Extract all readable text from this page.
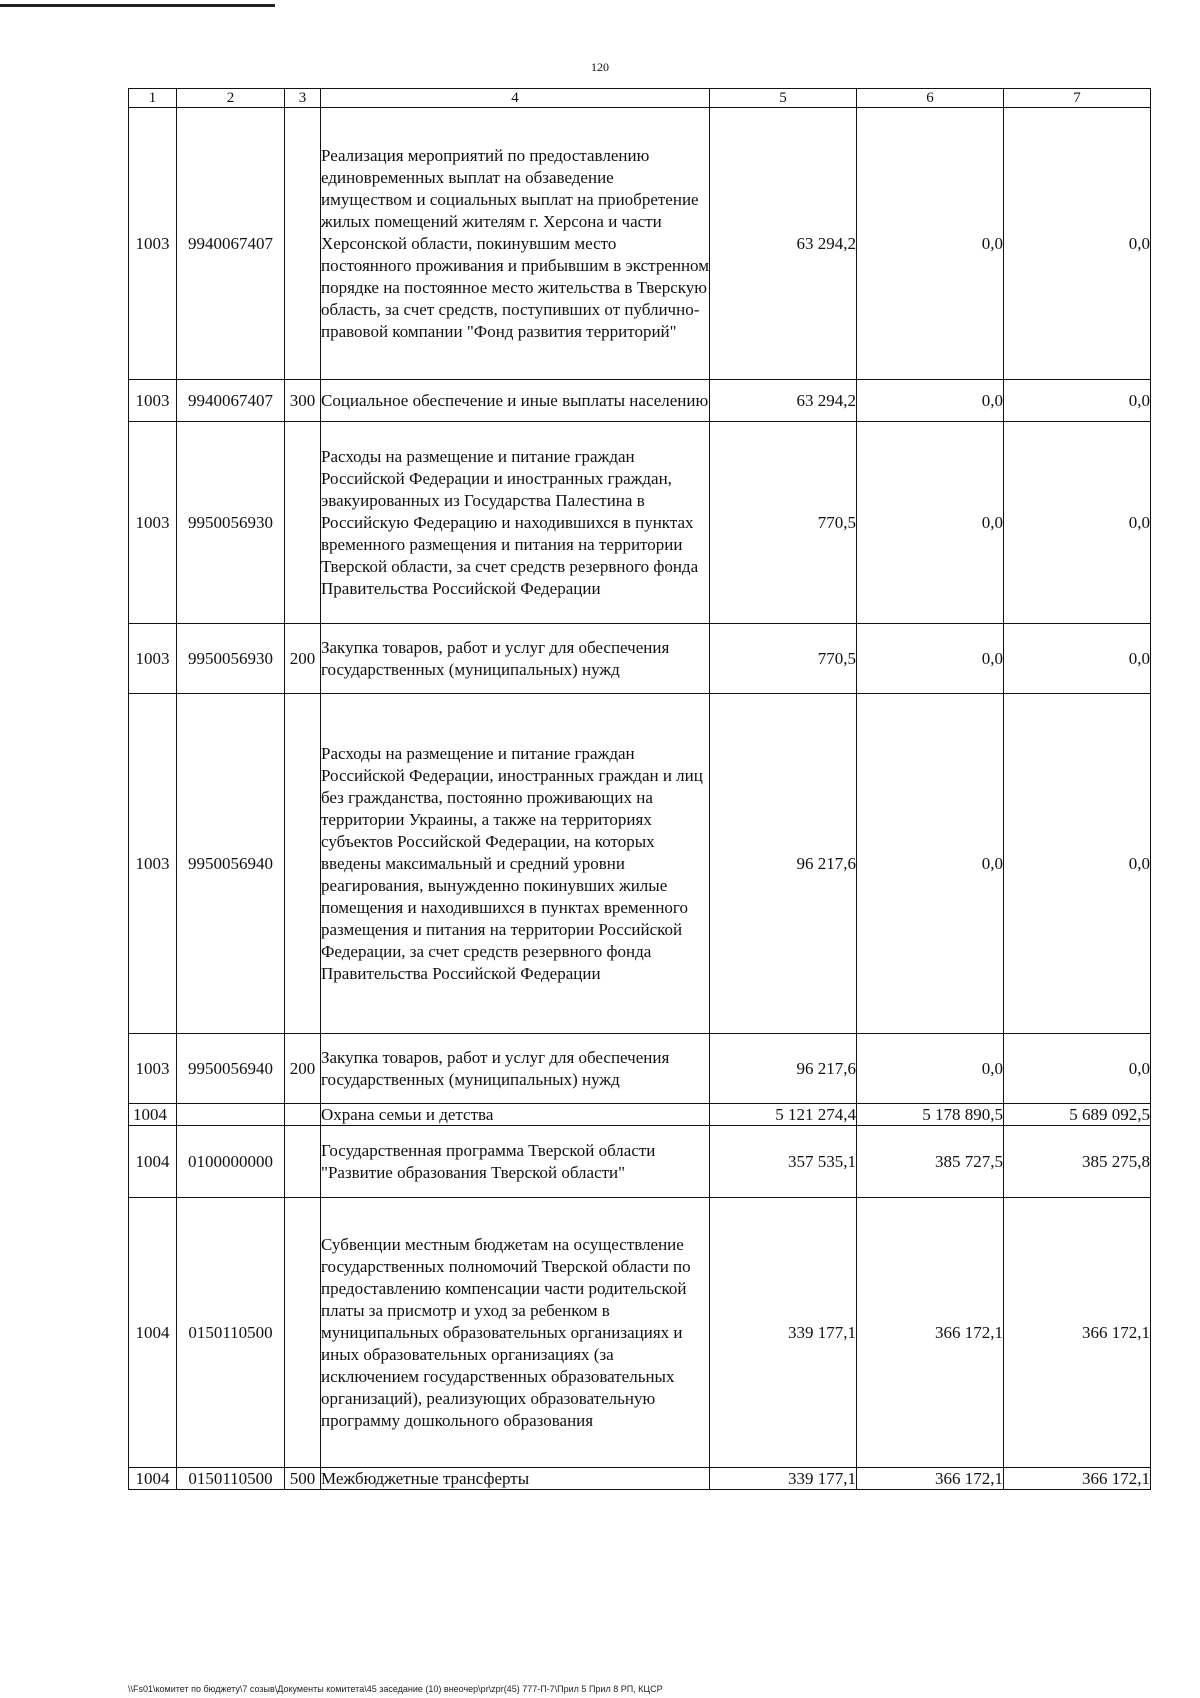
120
1	2	3	4	5	6	7
1003	9940067407		Реализация мероприятий по предоставлению единовременных выплат на обзаведение имуществом и социальных выплат на приобретение жилых помещений жителям г. Херсона и части Херсонской области, покинувшим место постоянного проживания и прибывшим в экстренном порядке на постоянное место жительства в Тверскую область, за счет средств, поступивших от публично-правовой компании "Фонд развития территорий"	63 294,2	0,0	0,0
1003	9940067407	300	Социальное обеспечение и иные выплаты населению	63 294,2	0,0	0,0
1003	9950056930		Расходы на размещение и питание граждан Российской Федерации и иностранных граждан, эвакуированных из Государства Палестина в Российскую Федерацию и находившихся в пунктах временного размещения и питания на территории Тверской области, за счет средств резервного фонда Правительства Российской Федерации	770,5	0,0	0,0
1003	9950056930	200	Закупка товаров, работ и услуг для обеспечения государственных (муниципальных) нужд	770,5	0,0	0,0
1003	9950056940		Расходы на размещение и питание граждан Российской Федерации, иностранных граждан и лиц без гражданства, постоянно проживающих на территории Украины, а также на территориях субъектов Российской Федерации, на которых введены максимальный и средний уровни реагирования, вынужденно покинувших жилые помещения и находившихся в пунктах временного размещения и питания на территории Российской Федерации, за счет средств резервного фонда Правительства Российской Федерации	96 217,6	0,0	0,0
1003	9950056940	200	Закупка товаров, работ и услуг для обеспечения государственных (муниципальных) нужд	96 217,6	0,0	0,0
1004			Охрана семьи и детства	5 121 274,4	5 178 890,5	5 689 092,5
1004	0100000000		Государственная программа Тверской области "Развитие образования Тверской области"	357 535,1	385 727,5	385 275,8
1004	0150110500		Субвенции местным бюджетам на осуществление государственных полномочий Тверской области по предоставлению компенсации части родительской платы за присмотр и уход за ребенком в муниципальных образовательных организациях и иных образовательных организациях (за исключением государственных образовательных организаций), реализующих образовательную программу дошкольного образования	339 177,1	366 172,1	366 172,1
1004	0150110500	500	Межбюджетные трансферты	339 177,1	366 172,1	366 172,1
\\Fs01\комитет по бюджету\7 созыв\Документы комитета\45 заседание (10) внеочер\pr\zpr(45) 777-П-7\Прил 5 Прил 8 РП, КЦСР
